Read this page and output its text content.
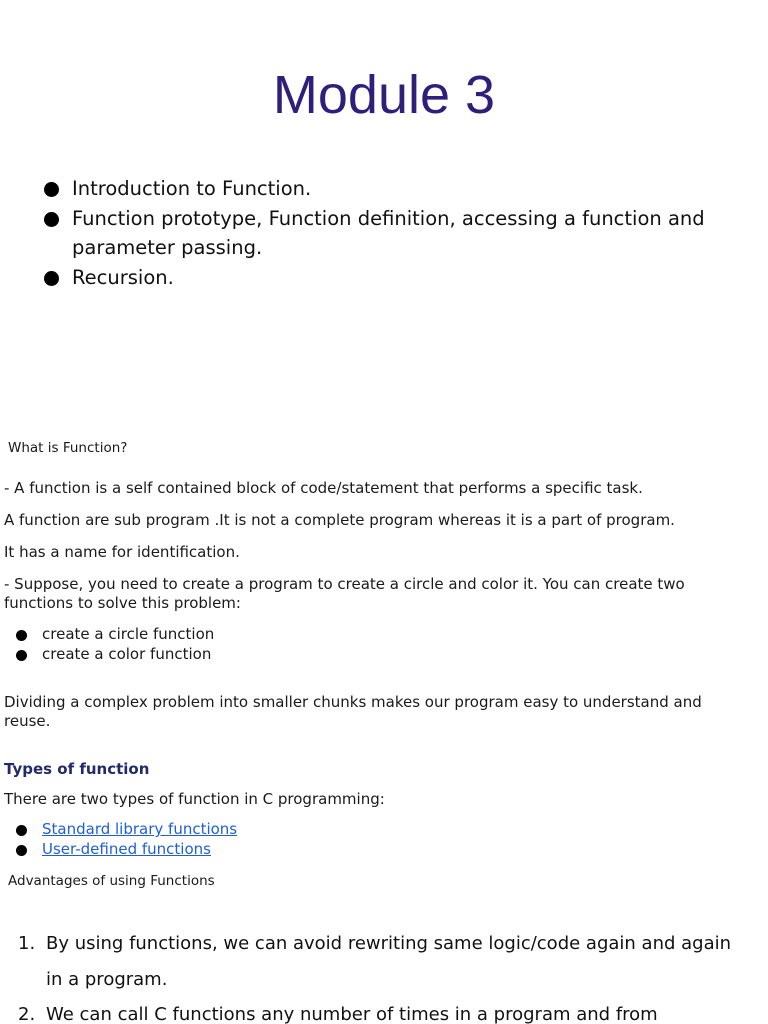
Module 3
Introduction to Function.
Function prototype, Function definition, accessing a function and parameter passing.
Recursion.

What is Function?

- A function is a self contained block of code/statement that performs a specific task.

A function are sub program .It is not a complete program whereas it is a part of program.

It has a name for identification.

- Suppose, you need to create a program to create a circle and color it. You can create two functions to solve this problem:

create a circle function
create a color function

Dividing a complex problem into smaller chunks makes our program easy to understand and reuse.

Types of function

There are two types of function in C programming:

Standard library functions
User-defined functions

Advantages of using Functions

1. By using functions, we can avoid rewriting same logic/code again and again in a program.
2. We can call C functions any number of times in a program and from
